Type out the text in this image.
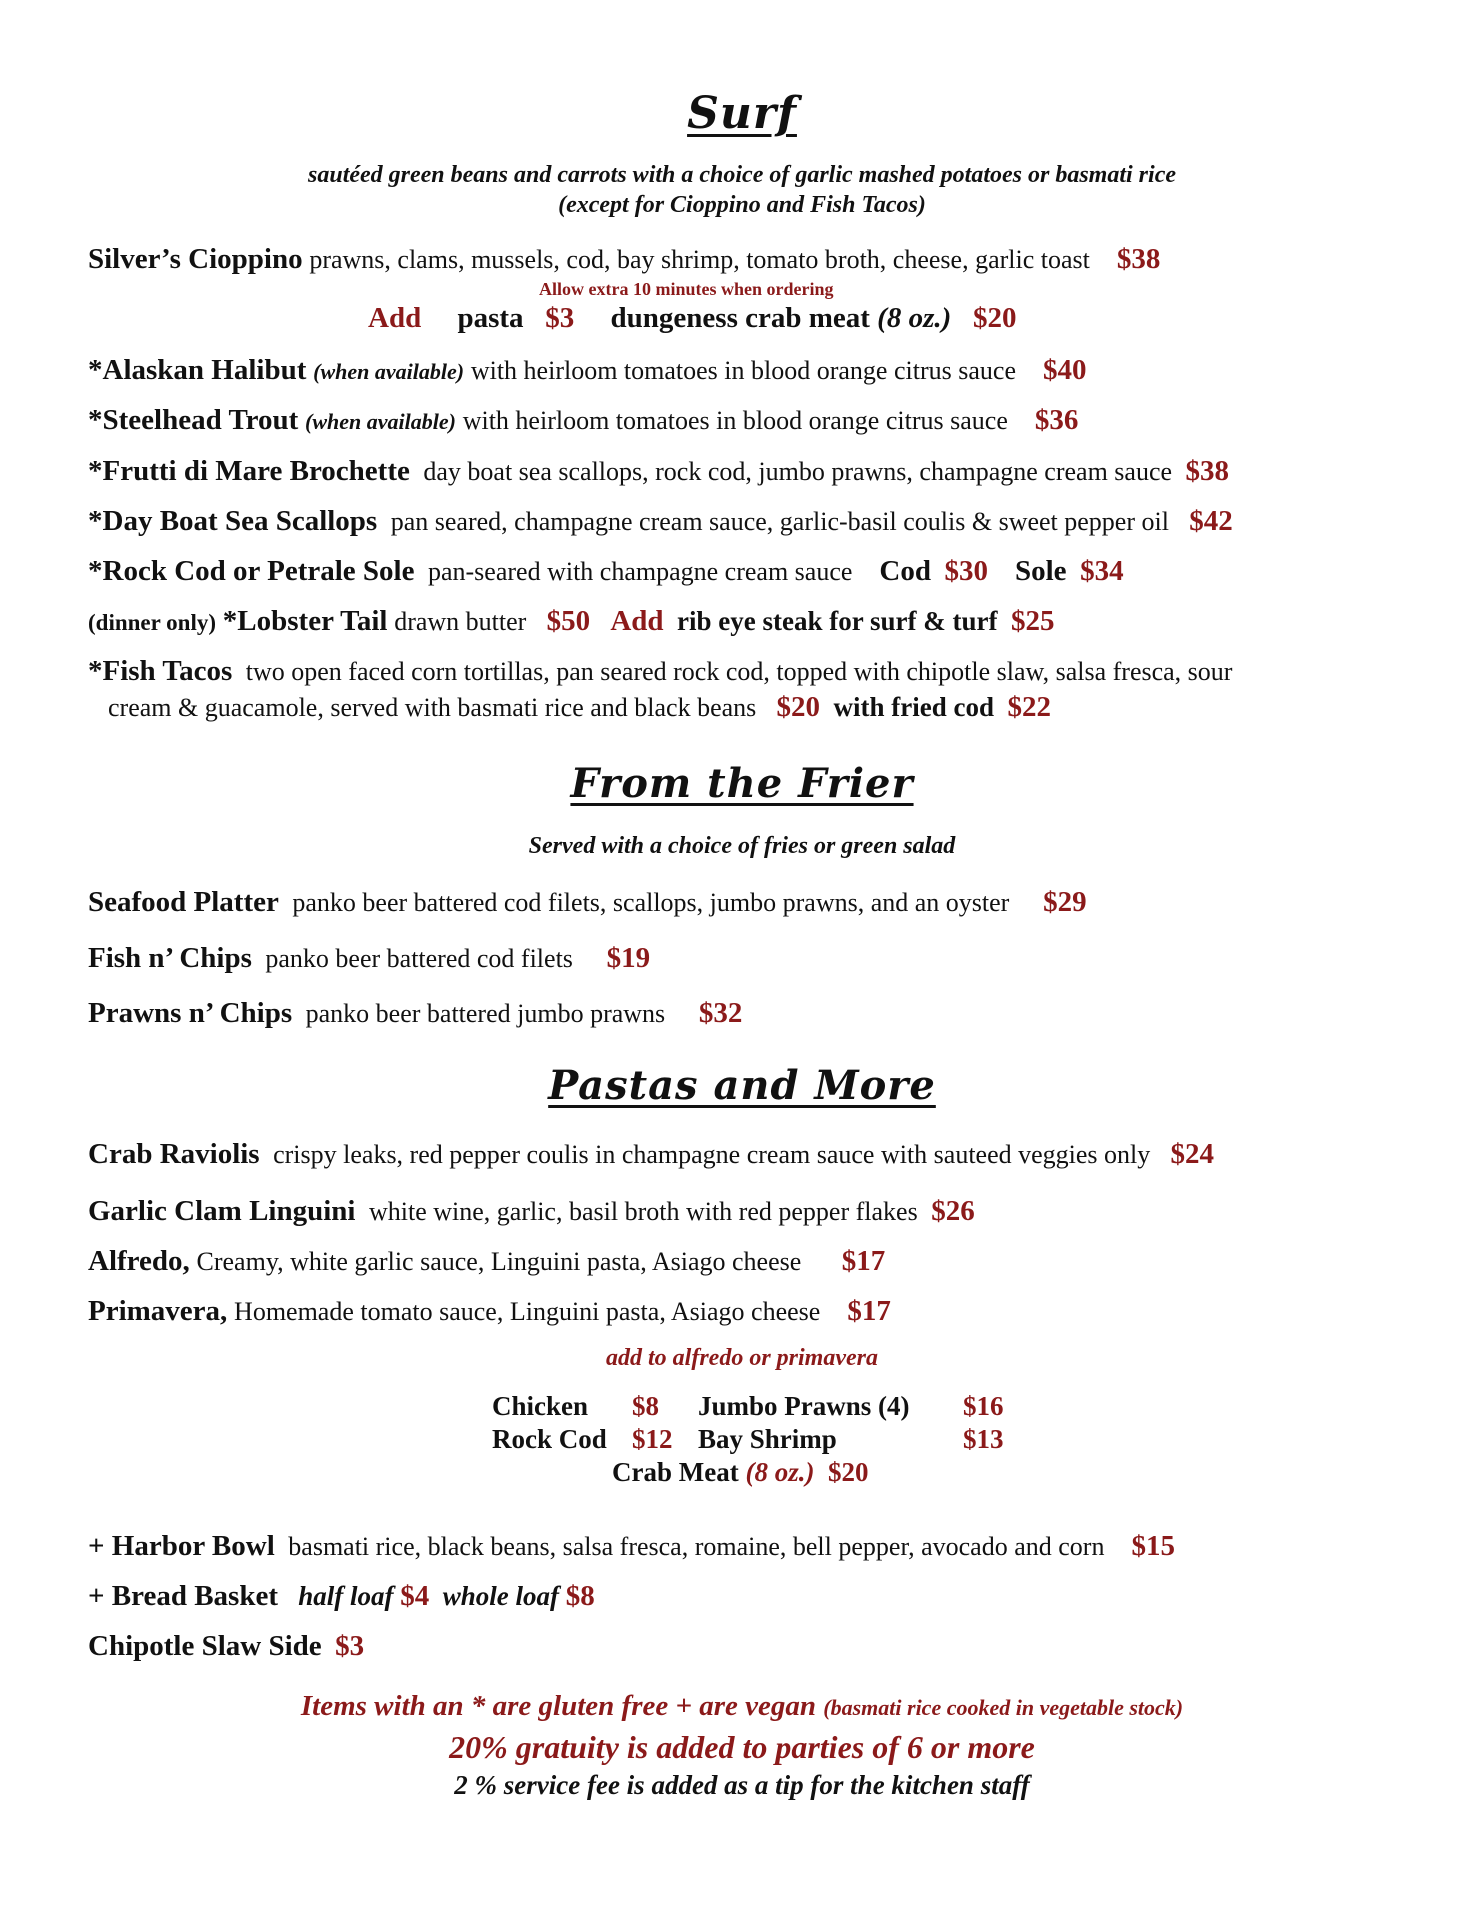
Surf
sautéed green beans and carrots with a choice of garlic mashed potatoes or basmati rice
(except for Cioppino and Fish Tacos)
Silver’s Cioppino prawns, clams, mussels, cod, bay shrimp, tomato broth, cheese, garlic toast $38
Allow extra 10 minutes when ordering
Add pasta $3 dungeness crab meat (8 oz.) $20
*Alaskan Halibut (when available) with heirloom tomatoes in blood orange citrus sauce $40
*Steelhead Trout (when available) with heirloom tomatoes in blood orange citrus sauce $36
*Frutti di Mare Brochette day boat sea scallops, rock cod, jumbo prawns, champagne cream sauce $38
*Day Boat Sea Scallops pan seared, champagne cream sauce, garlic-basil coulis & sweet pepper oil $42
*Rock Cod or Petrale Sole pan-seared with champagne cream sauce Cod $30 Sole $34
(dinner only) *Lobster Tail drawn butter $50 Add rib eye steak for surf & turf $25
*Fish Tacos two open faced corn tortillas, pan seared rock cod, topped with chipotle slaw, salsa fresca, sour
cream & guacamole, served with basmati rice and black beans $20 with fried cod $22
From the Frier
Served with a choice of fries or green salad
Seafood Platter panko beer battered cod filets, scallops, jumbo prawns, and an oyster $29
Fish n’ Chips panko beer battered cod filets $19
Prawns n’ Chips panko beer battered jumbo prawns $32
Pastas and More
Crab Raviolis crispy leaks, red pepper coulis in champagne cream sauce with sauteed veggies only $24
Garlic Clam Linguini white wine, garlic, basil broth with red pepper flakes $26
Alfredo, Creamy, white garlic sauce, Linguini pasta, Asiago cheese $17
Primavera, Homemade tomato sauce, Linguini pasta, Asiago cheese $17
add to alfredo or primavera
Chicken $8 Jumbo Prawns (4) $16
Rock Cod $12 Bay Shrimp	$13
Crab Meat (8 oz.) $20
+ Harbor Bowl basmati rice, black beans, salsa fresca, romaine, bell pepper, avocado and corn $15
+ Bread Basket half loaf $4 whole loaf $8
Chipotle Slaw Side $3
Items with an * are gluten free + are vegan (basmati rice cooked in vegetable stock)
20% gratuity is added to parties of 6 or more
2 % service fee is added as a tip for the kitchen staff
